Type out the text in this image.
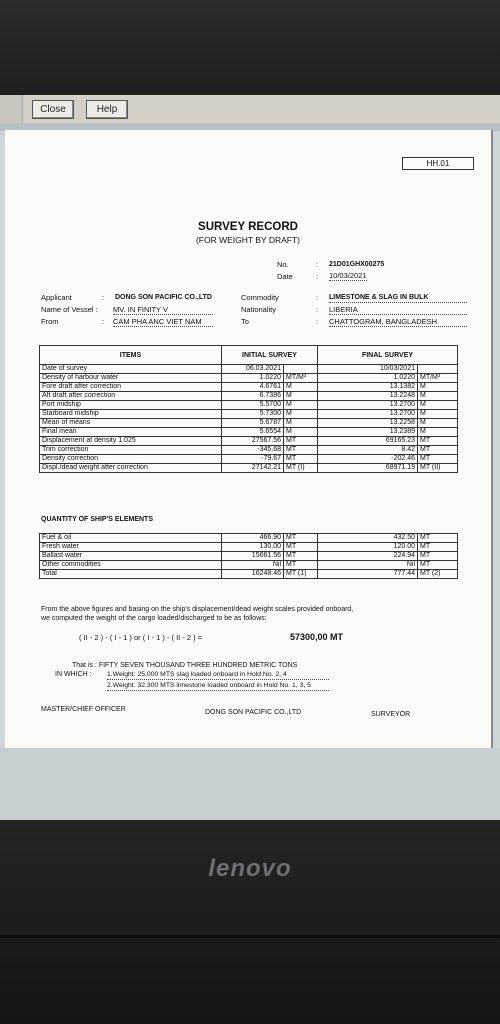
Close	Help
HH.01
SURVEY RECORD
(FOR WEIGHT BY DRAFT)
No.	: 21D01GHX00275
Date	: 10/03/2021
Applicant	: DONG SON PACIFIC CO.,LTD
Name of Vessel : MV. IN FINITY V
From	: CAM PHA ANC VIET NAM
Commodity	: LIMESTONE & SLAG IN BULK
Nationality	: LIBERIA
To	: CHATTOGRAM, BANGLADESH
ITEMS	INITIAL SURVEY		FINAL SURVEY	
Date of survey	06.03.2021		10/03/2021	
Density of harbour water	1.0220	MT/M³	1.0220	MT/M³
Fore draft after correction	4.6761	M	13.1382	M
Aft draft after correction	6.7386	M	13.2248	M
Port midship	5.5700	M	13.2700	M
Starboard midship	5.7300	M	13.2700	M
Mean of means	5.6787	M	13.2258	M
Final mean	5.6554	M	13.2389	M
Displacement at density 1.025	27567.56	MT	69165.23	MT
Trim correction	-345.68	MT	8.42	MT
Density correction	-79.67	MT	-202.46	MT
Displ./dead weight after correction	27142.21	MT (I)	68971.19	MT (II)
QUANTITY OF SHIP'S ELEMENTS
Fuel & oil	466.90	MT	432.50	MT
Fresh water	130.00	MT	120.00	MT
Ballast water	15661.56	MT	224.94	MT
Other commodities	Nil	MT	Nil	MT
Total	16248.46	MT (1)	777.44	MT (2)
From the above figures and basing on the ship's displacement/dead weight scales provided onboard,
we computed the weight of the cargo loaded/discharged to be as follows:
( II - 2 ) - ( I - 1 ) or ( I - 1 ) - ( II - 2 ) =	57300,00 MT
That is : FIFTY SEVEN THOUSAND THREE HUNDRED METRIC TONS
IN WHICH : 1.Weight: 25.000 MTS slag loaded onboard in Hold No. 2, 4
2.Weight: 32.300 MTS limestone loaded onboard in Hold No. 1, 3, 5
MASTER/CHIEF OFFICER	DONG SON PACIFIC CO.,LTD	SURVEYOR
lenovo
